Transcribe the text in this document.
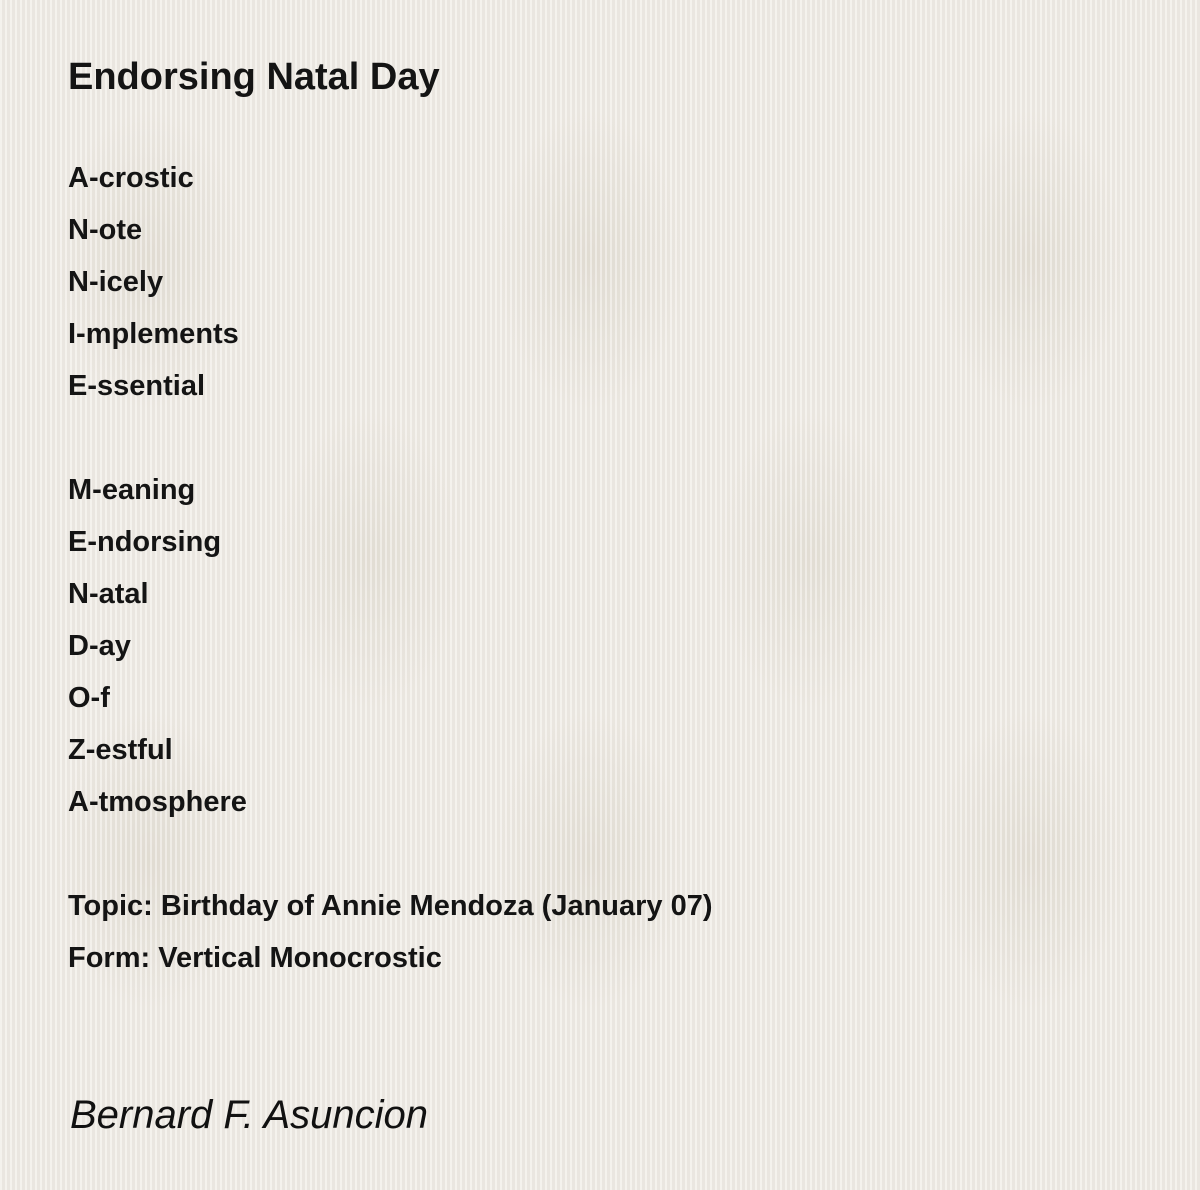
Endorsing Natal Day
A-crostic
N-ote
N-icely
I-mplements
E-ssential
M-eaning
E-ndorsing
N-atal
D-ay
O-f
Z-estful
A-tmosphere
Topic: Birthday of Annie Mendoza (January 07)
Form: Vertical Monocrostic
Bernard F. Asuncion
